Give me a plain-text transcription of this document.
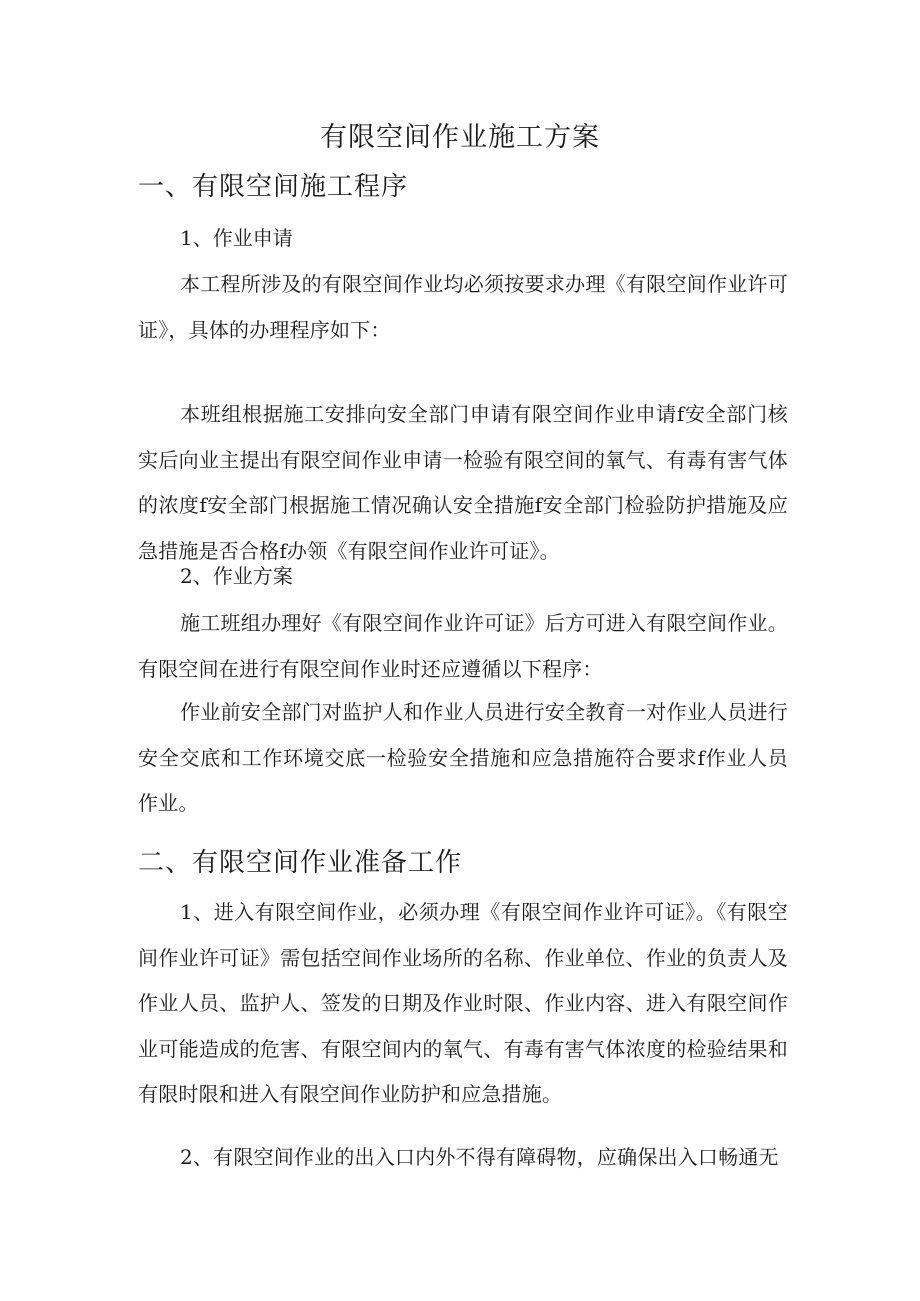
有限空间作业施工方案
一、有限空间施工程序
1、作业申请
本工程所涉及的有限空间作业均必须按要求办理《有限空间作业许可证》，具体的办理程序如下：
本班组根据施工安排向安全部门申请有限空间作业申请f安全部门核实后向业主提出有限空间作业申请一检验有限空间的氧气、有毒有害气体的浓度f安全部门根据施工情况确认安全措施f安全部门检验防护措施及应急措施是否合格f办领《有限空间作业许可证》。
2、作业方案
施工班组办理好《有限空间作业许可证》后方可进入有限空间作业。有限空间在进行有限空间作业时还应遵循以下程序：
作业前安全部门对监护人和作业人员进行安全教育一对作业人员进行安全交底和工作环境交底一检验安全措施和应急措施符合要求f作业人员作业。
二、有限空间作业准备工作
1、进入有限空间作业，必须办理《有限空间作业许可证》。《有限空间作业许可证》需包括空间作业场所的名称、作业单位、作业的负责人及作业人员、监护人、签发的日期及作业时限、作业内容、进入有限空间作业可能造成的危害、有限空间内的氧气、有毒有害气体浓度的检验结果和有限时限和进入有限空间作业防护和应急措施。
2、有限空间作业的出入口内外不得有障碍物，应确保出入口畅通无
